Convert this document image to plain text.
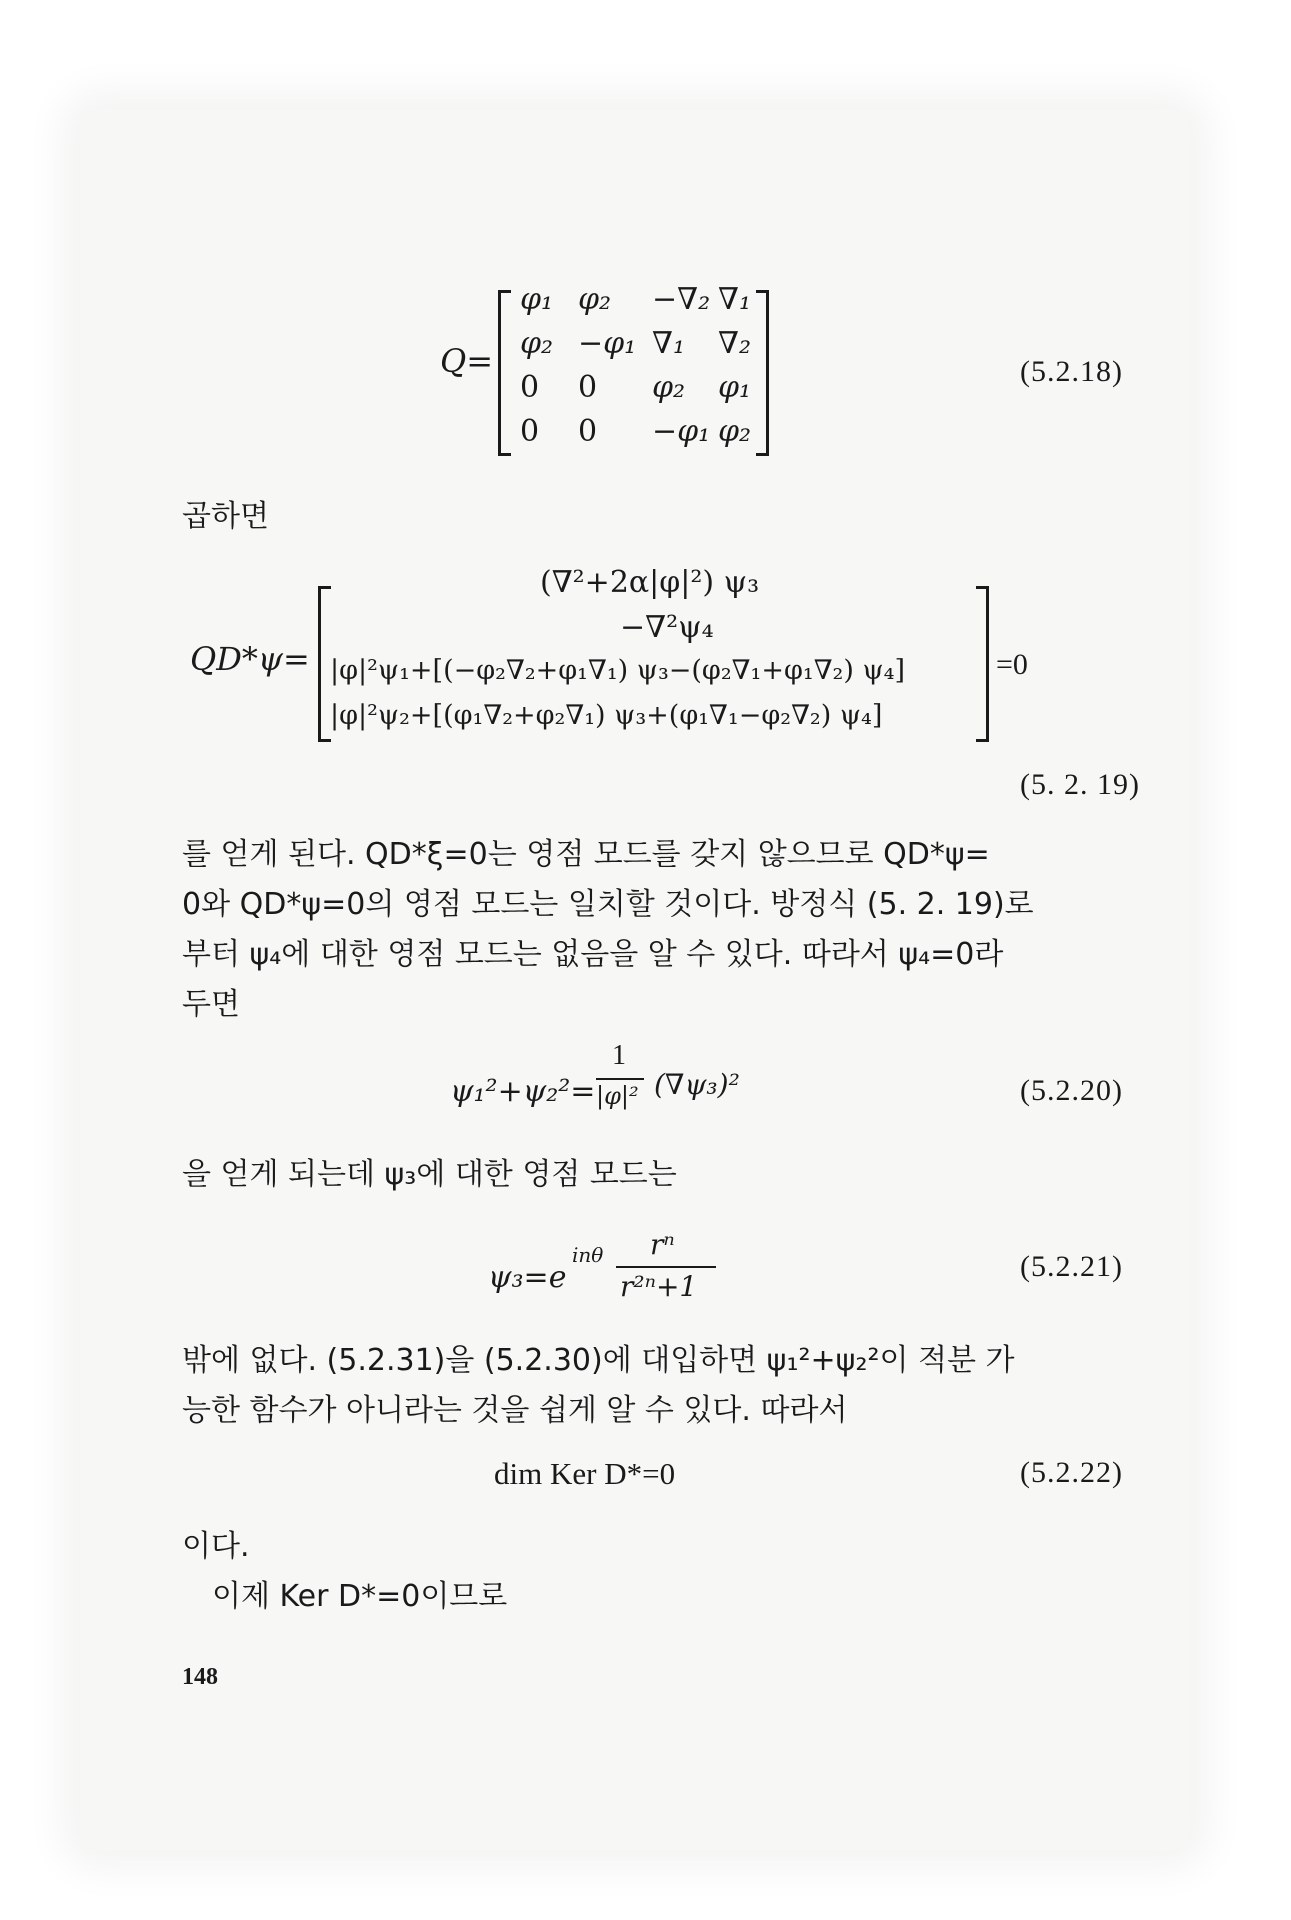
Q=
φ₁ φ₂ −∇₂ ∇₁
φ₂ −φ₁ ∇₁ ∇₂
0 0 φ₂ φ₁
0 0 −φ₁ φ₂
(5.2.18)
곱하면
QD*ψ=
(∇²+2α|φ|²) ψ₃
−∇²ψ₄
|φ|²ψ₁+[(−φ₂∇₂+φ₁∇₁) ψ₃−(φ₂∇₁+φ₁∇₂) ψ₄]
|φ|²ψ₂+[(φ₁∇₂+φ₂∇₁) ψ₃+(φ₁∇₁−φ₂∇₂) ψ₄]
=0
(5. 2. 19)
를 얻게 된다. QD*ξ=0는 영점 모드를 갖지 않으므로 QD*ψ=
0와 QD*ψ=0의 영점 모드는 일치할 것이다. 방정식 (5. 2. 19)로
부터 ψ₄에 대한 영점 모드는 없음을 알 수 있다. 따라서 ψ₄=0라
두면
ψ₁²+ψ₂²=
1
|φ|² (∇ψ₃)²	(5.2.20)
을 얻게 되는데 ψ₃에 대한 영점 모드는
ψ₃=e
inθ rⁿ
r²ⁿ+1
(5.2.21)
밖에 없다. (5.2.31)을 (5.2.30)에 대입하면 ψ₁²+ψ₂²이 적분 가
능한 함수가 아니라는 것을 쉽게 알 수 있다. 따라서
dim Ker D*=0	(5.2.22)
이다.
이제 Ker D*=0이므로
148
